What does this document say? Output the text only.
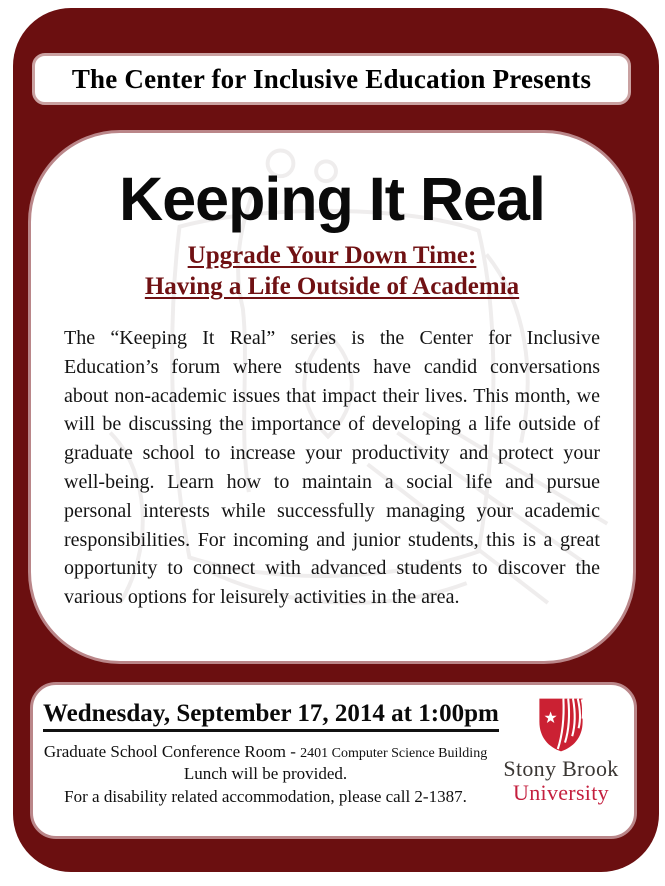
The Center for Inclusive Education Presents
Keeping It Real
Upgrade Your Down Time:
Having a Life Outside of Academia
The “Keeping It Real” series is the Center for Inclusive Education’s forum where students have candid conversations about non-academic issues that impact their lives. This month, we will be discussing the importance of developing a life outside of graduate school to increase your productivity and protect your well-being. Learn how to maintain a social life and pursue personal interests while successfully managing your academic responsibilities. For incoming and junior students, this is a great opportunity to connect with advanced students to discover the various options for leisurely activities in the area.
Wednesday, September 17, 2014 at 1:00pm
Graduate School Conference Room - 2401 Computer Science Building
Lunch will be provided.
For a disability related accommodation, please call 2-1387.
Stony Brook
University
